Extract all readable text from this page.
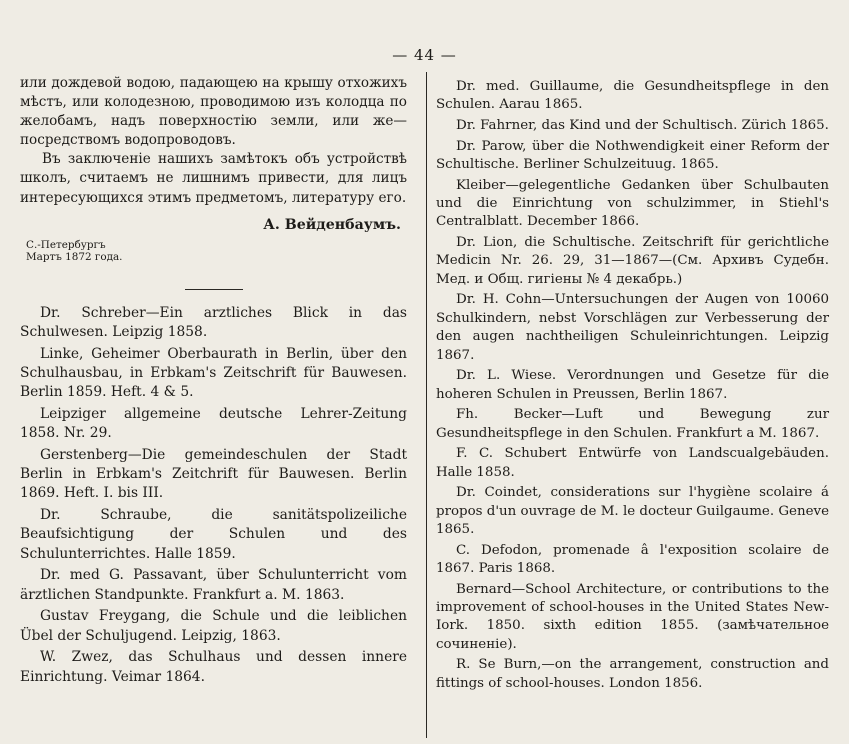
— 44 —
или дождевой водою, падающею на крышу отхожихъ мѣстъ, или колодезною, проводимою изъ колодца по желобамъ, надъ поверхностію земли, или же—посредствомъ водопроводовъ.
Въ заключеніе нашихъ замѣтокъ объ устройствѣ школъ, считаемъ не лишнимъ привести, для лицъ интересующихся этимъ предметомъ, литературу его.
А. Вейденбаумъ.
С.-Петербургъ
Мартъ 1872 года.
Dr. Schreber—Ein arztliches Blick in das Schulwesen. Leipzig 1858.
Linke, Geheimer Oberbaurath in Berlin, über den Schulhausbau, in Erbkam's Zeitschrift für Bauwesen. Berlin 1859. Heft. 4 & 5.
Leipziger allgemeine deutsche Lehrer-Zeitung 1858. Nr. 29.
Gerstenberg—Die gemeindeschulen der Stadt Berlin in Erbkam's Zeitchrift für Bauwesen. Berlin 1869. Heft. I. bis III.
Dr. Schraube, die sanitätspolizeiliche Beaufsichtigung der Schulen und des Schulunterrichtes. Halle 1859.
Dr. med G. Passavant, über Schulunterricht vom ärztlichen Standpunkte. Frankfurt a. M. 1863.
Gustav Freygang, die Schule und die leiblichen Übel der Schuljugend. Leipzig, 1863.
W. Zwez, das Schulhaus und dessen innere Einrichtung. Veimar 1864.
Dr. med. Guillaume, die Gesundheitspflege in den Schulen. Aarau 1865.
Dr. Fahrner, das Kind und der Schultisch. Zürich 1865.
Dr. Parow, über die Nothwendigkeit einer Reform der Schultische. Berliner Schulzeituug. 1865.
Kleiber—gelegentliche Gedanken über Schulbauten und die Einrichtung von schulzimmer, in Stiehl's Centralblatt. December 1866.
Dr. Lion, die Schultische. Zeitschrift für gerichtliche Medicin Nr. 26. 29, 31—1867—(См. Архивъ Судебн. Мед. и Общ. гигіены № 4 декабрь.)
Dr. H. Cohn—Untersuchungen der Augen von 10060 Schulkindern, nebst Vorschlägen zur Verbesserung der den augen nachtheiligen Schuleinrichtungen. Leipzig 1867.
Dr. L. Wiese. Verordnungen und Gesetze für die hoheren Schulen in Preussen, Berlin 1867.
Fh. Becker—Luft und Bewegung zur Gesundheitspflege in den Schulen. Frankfurt a M. 1867.
F. C. Schubert Entwürfe von Landscualgebäuden. Halle 1858.
Dr. Coindet, considerations sur l'hygiène scolaire á propos d'un ouvrage de M. le docteur Guilgaume. Geneve 1865.
C. Defodon, promenade â l'exposition scolaire de 1867. Paris 1868.
Bernard—School Architecture, or contributions to the improvement of school-houses in the United States New-Iork. 1850. sixth edition 1855. (замѣчательное сочиненіе).
R. Se Burn,—on the arrangement, construction and fittings of school-houses. London 1856.
